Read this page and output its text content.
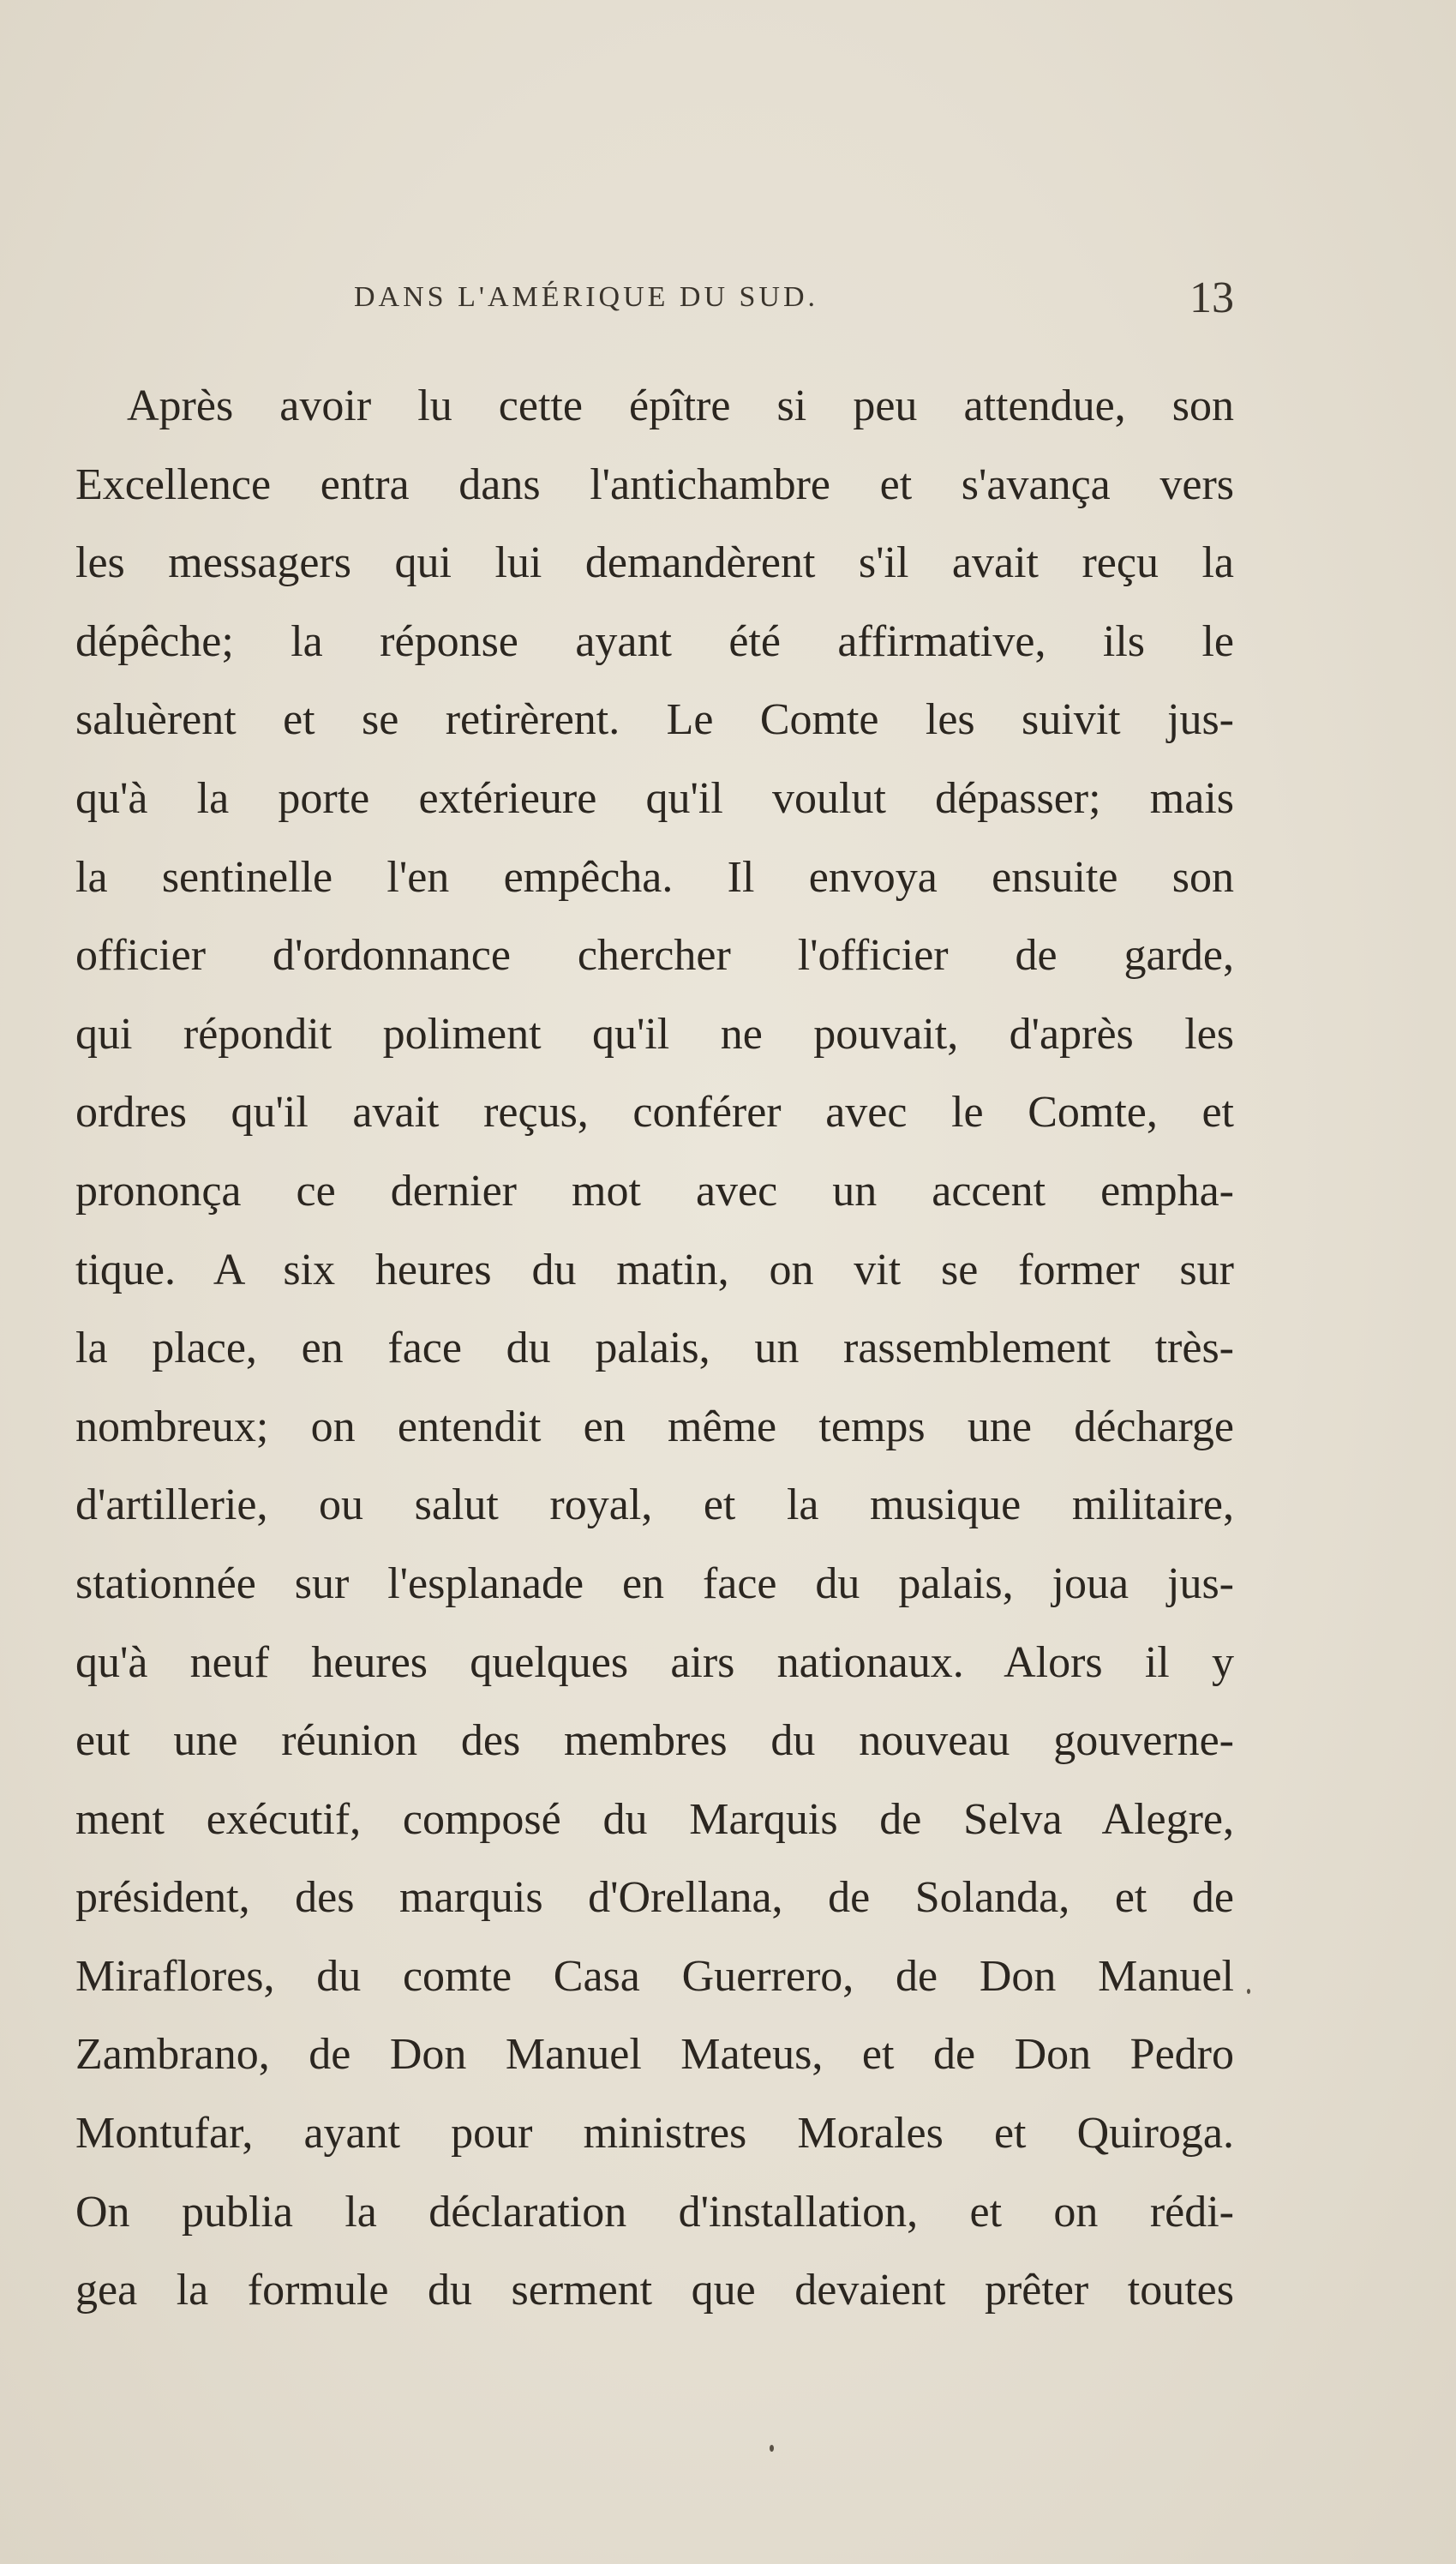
DANS L'AMÉRIQUE DU SUD.	13
Après avoir lu cette épître si peu attendue, son
Excellence entra dans l'antichambre et s'avança vers
les messagers qui lui demandèrent s'il avait reçu la
dépêche; la réponse ayant été affirmative, ils le
saluèrent et se retirèrent. Le Comte les suivit jus-
qu'à la porte extérieure qu'il voulut dépasser; mais
la sentinelle l'en empêcha. Il envoya ensuite son
officier d'ordonnance chercher l'officier de garde,
qui répondit poliment qu'il ne pouvait, d'après les
ordres qu'il avait reçus, conférer avec le Comte, et
prononça ce dernier mot avec un accent empha-
tique. A six heures du matin, on vit se former sur
la place, en face du palais, un rassemblement très-
nombreux; on entendit en même temps une décharge
d'artillerie, ou salut royal, et la musique militaire,
stationnée sur l'esplanade en face du palais, joua jus-
qu'à neuf heures quelques airs nationaux. Alors il y
eut une réunion des membres du nouveau gouverne-
ment exécutif, composé du Marquis de Selva Alegre,
président, des marquis d'Orellana, de Solanda, et de
Miraflores, du comte Casa Guerrero, de Don Manuel
Zambrano, de Don Manuel Mateus, et de Don Pedro
Montufar, ayant pour ministres Morales et Quiroga.
On publia la déclaration d'installation, et on rédi-
gea la formule du serment que devaient prêter toutes
